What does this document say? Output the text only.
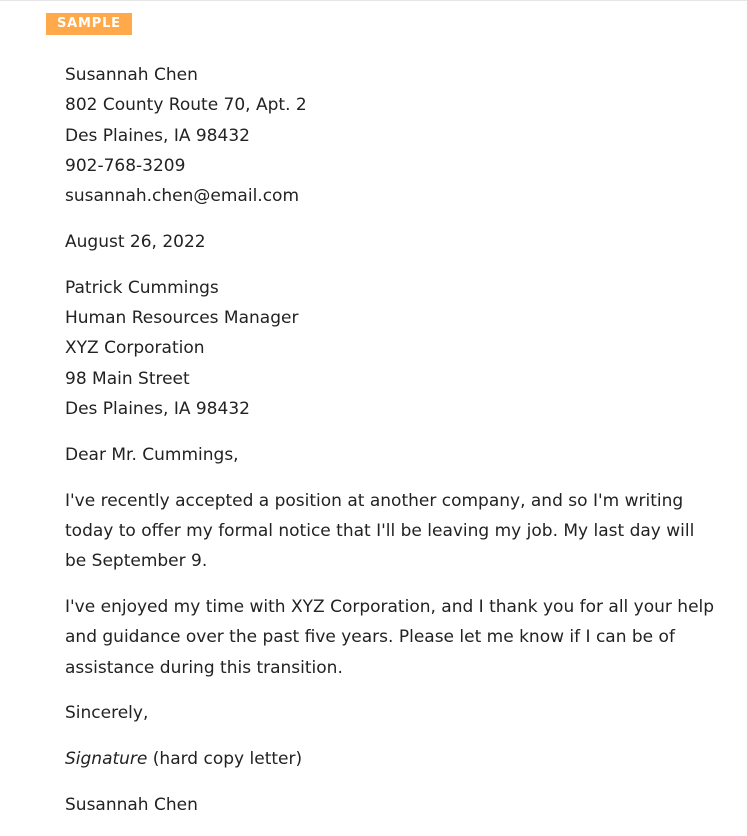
SAMPLE
Susannah Chen
802 County Route 70, Apt. 2
Des Plaines, IA 98432
902-768-3209
susannah.chen@email.com
August 26, 2022
Patrick Cummings
Human Resources Manager
XYZ Corporation
98 Main Street
Des Plaines, IA 98432
Dear Mr. Cummings,

I've recently accepted a position at another company, and so I'm writing today to offer my formal notice that I'll be leaving my job. My last day will be September 9.

I've enjoyed my time with XYZ Corporation, and I thank you for all your help and guidance over the past five years. Please let me know if I can be of assistance during this transition.

Sincerely,
Signature (hard copy letter)
Susannah Chen
